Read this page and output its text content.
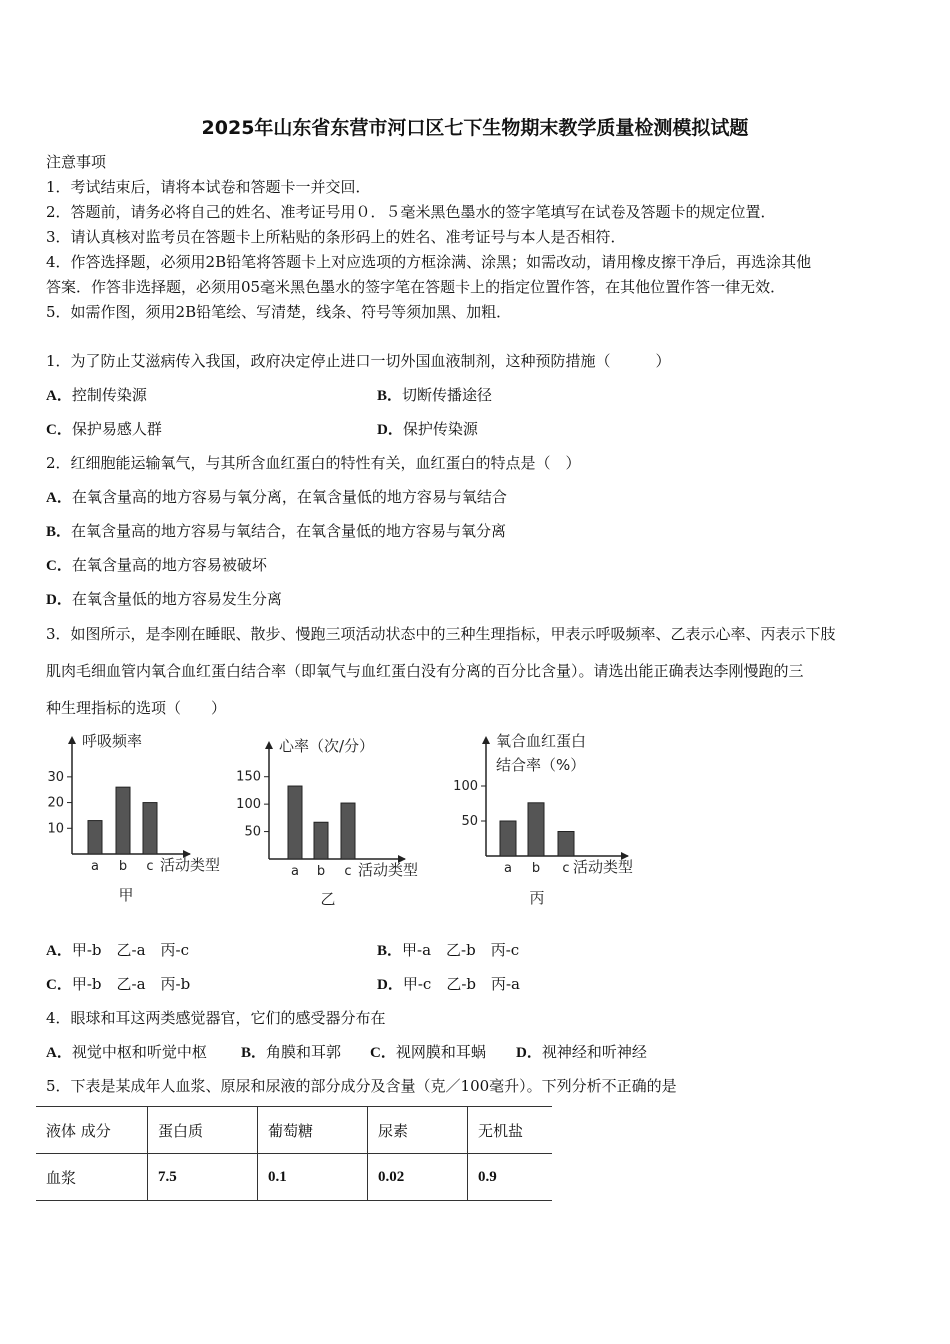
2025年山东省东营市河口区七下生物期末教学质量检测模拟试题
注意事项
1．考试结束后，请将本试卷和答题卡一并交回．
2．答题前，请务必将自己的姓名、准考证号用０．５毫米黑色墨水的签字笔填写在试卷及答题卡的规定位置．
3．请认真核对监考员在答题卡上所粘贴的条形码上的姓名、准考证号与本人是否相符．
4．作答选择题，必须用2B铅笔将答题卡上对应选项的方框涂满、涂黑；如需改动，请用橡皮擦干净后，再选涂其他
答案．作答非选择题，必须用05毫米黑色墨水的签字笔在答题卡上的指定位置作答，在其他位置作答一律无效．
5．如需作图，须用2B铅笔绘、写清楚，线条、符号等须加黑、加粗．
1．为了防止艾滋病传入我国，政府决定停止进口一切外国血液制剂，这种预防措施（　　　）
A．控制传染源	B．切断传播途径
C．保护易感人群	D．保护传染源
2．红细胞能运输氧气，与其所含血红蛋白的特性有关，血红蛋白的特点是（　）
A．在氧含量高的地方容易与氧分离，在氧含量低的地方容易与氧结合
B．在氧含量高的地方容易与氧结合，在氧含量低的地方容易与氧分离
C．在氧含量高的地方容易被破坏
D．在氧含量低的地方容易发生分离
3．如图所示，是李刚在睡眠、散步、慢跑三项活动状态中的三种生理指标，甲表示呼吸频率、乙表示心率、丙表示下肢
肌肉毛细血管内氧合血红蛋白结合率（即氧气与血红蛋白没有分离的百分比含量）。请选出能正确表达李刚慢跑的三
种生理指标的选项（　　）
10
20
30
a b c
呼吸频率
活动类型
甲
50
100
150
a b c
心率（次/分）
活动类型
乙
50
100
a b c
氧合血红蛋白
结合率（%）
活动类型
丙
A．甲-b　乙-a　丙-c	B．甲-a　乙-b　丙-c
C．甲-b　乙-a　丙-b	D．甲-c　乙-b　丙-a
4．眼球和耳这两类感觉器官，它们的感受器分布在
A．视觉中枢和听觉中枢 B．角膜和耳郭 C．视网膜和耳蜗 D．视神经和听神经
5．下表是某成年人血浆、原尿和尿液的部分成分及含量（克／100毫升）。下列分析不正确的是
液体 成分	蛋白质	葡萄糖	尿素	无机盐
血浆	7.5	0.1	0.02	0.9
